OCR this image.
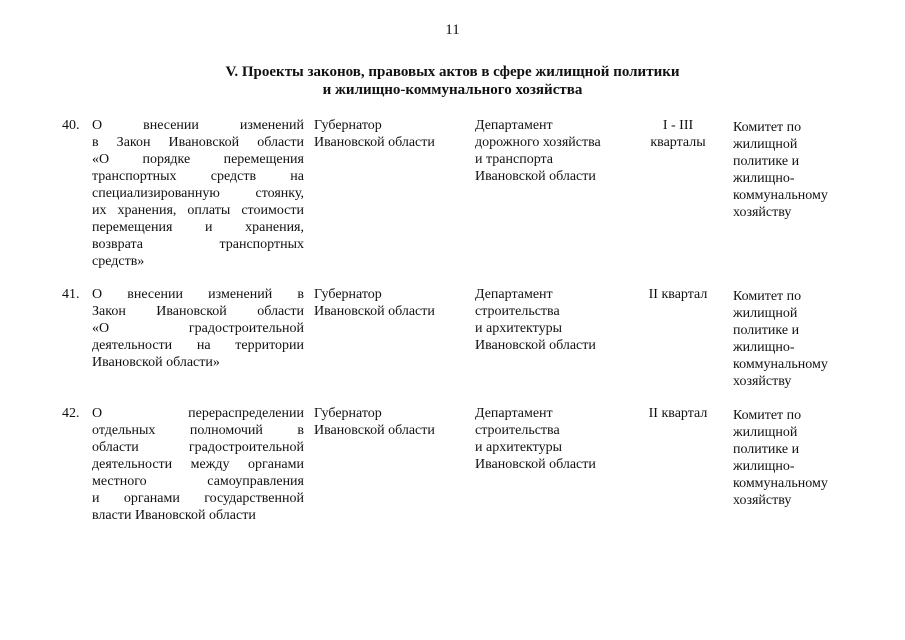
11
V. Проекты законов, правовых актов в сфере жилищной политики
и жилищно-коммунального хозяйства
40. О внесении изменений
в Закон Ивановской области
«О порядке перемещения
транспортных средств на
специализированную стоянку,
их хранения, оплаты стоимости
перемещения и хранения,
возврата транспортных
средств»
Губернатор
Ивановской области
Департамент
дорожного хозяйства
и транспорта
Ивановской области
I - III
кварталы
Комитет по
жилищной
политике и
жилищно-
коммунальному
хозяйству
41. О внесении изменений в
Закон Ивановской области
«О градостроительной
деятельности на территории
Ивановской области»
Губернатор
Ивановской области
Департамент
строительства
и архитектуры
Ивановской области
II квартал	Комитет по
жилищной
политике и
жилищно-
коммунальному
хозяйству
42. О перераспределении
отдельных полномочий в
области градостроительной
деятельности между органами
местного самоуправления
и органами государственной
власти Ивановской области
Губернатор
Ивановской области
Департамент
строительства
и архитектуры
Ивановской области
II квартал	Комитет по
жилищной
политике и
жилищно-
коммунальному
хозяйству
